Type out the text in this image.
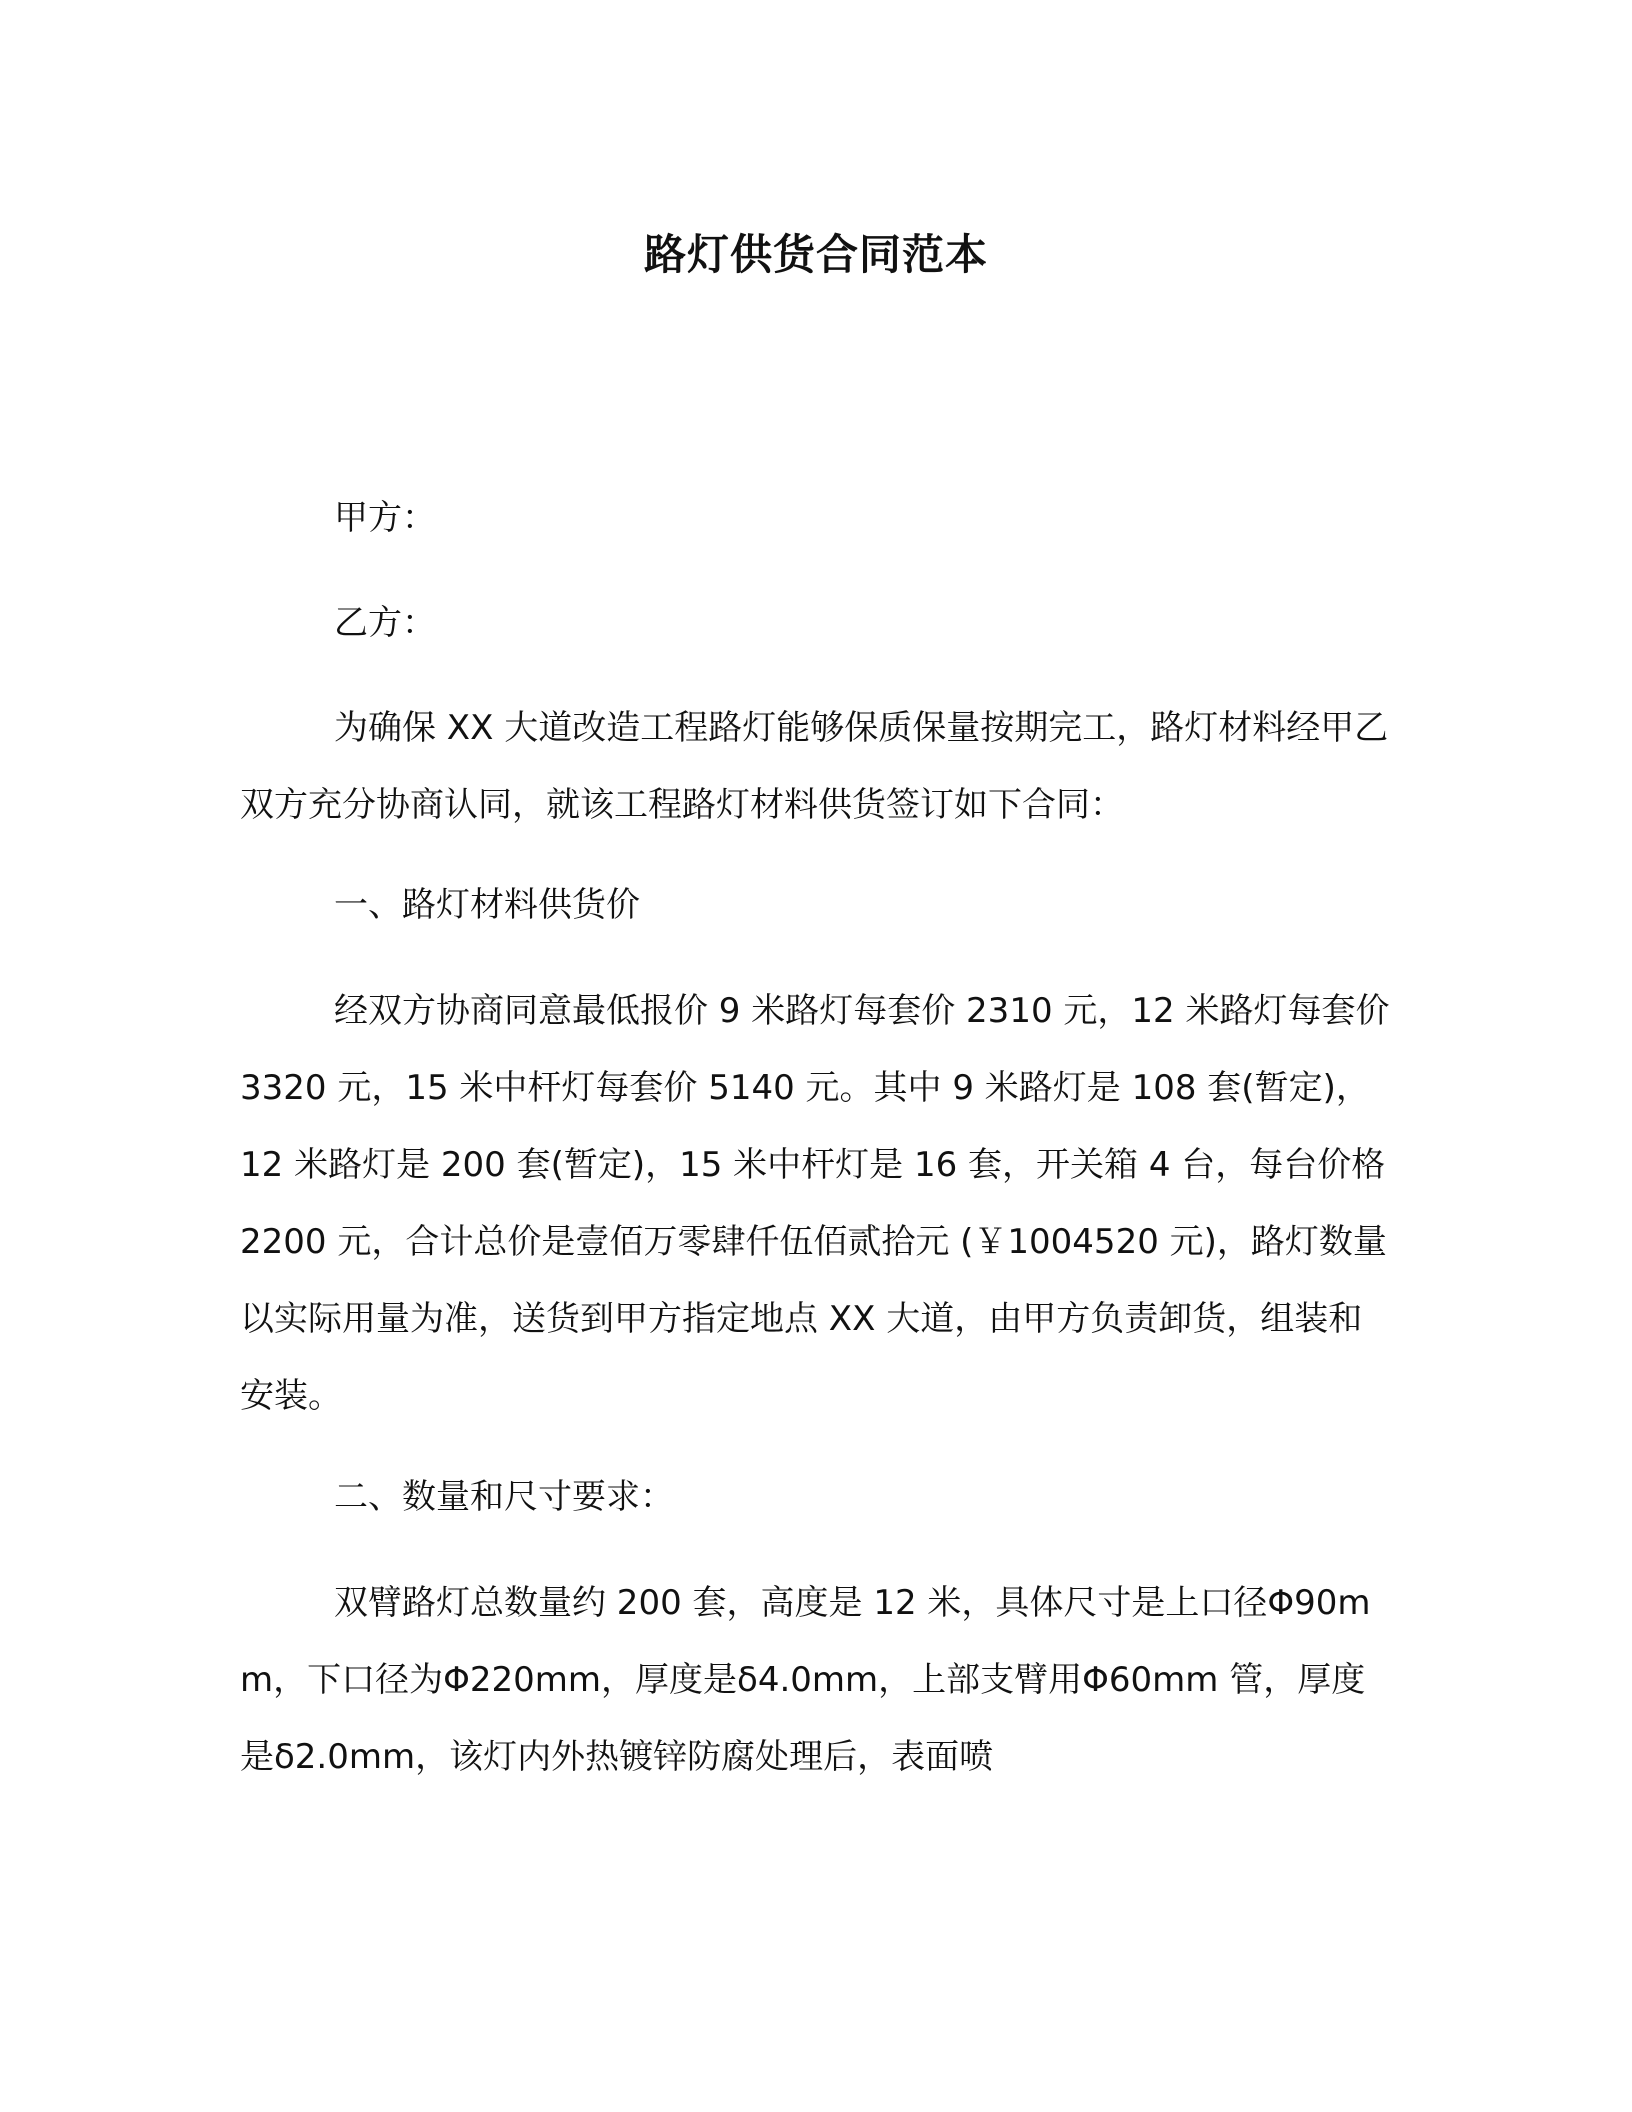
路灯供货合同范本
甲方：
乙方：
为确保 XX 大道改造工程路灯能够保质保量按期完工，路灯材料经甲乙双方充分协商认同，就该工程路灯材料供货签订如下合同：
一、路灯材料供货价
经双方协商同意最低报价 9 米路灯每套价 2310 元，12 米路灯每套价 3320 元，15 米中杆灯每套价 5140 元。其中 9 米路灯是 108 套(暂定)，12 米路灯是 200 套(暂定)，15 米中杆灯是 16 套，开关箱 4 台，每台价格 2200 元，合计总价是壹佰万零肆仟伍佰贰拾元 (￥1004520 元)，路灯数量以实际用量为准，送货到甲方指定地点 XX 大道，由甲方负责卸货，组装和安装。
二、数量和尺寸要求：
双臂路灯总数量约 200 套，高度是 12 米，具体尺寸是上口径Φ90mm，下口径为Φ220mm，厚度是δ4.0mm，上部支臂用Φ60mm 管，厚度是δ2.0mm，该灯内外热镀锌防腐处理后，表面喷
